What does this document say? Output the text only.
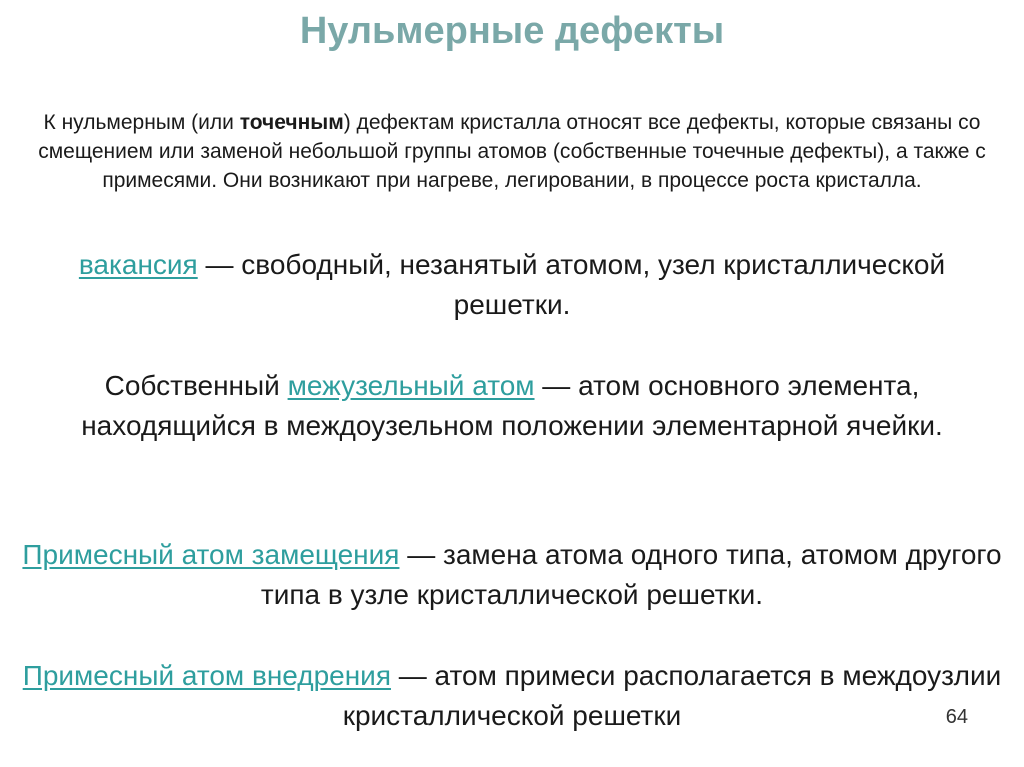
Нульмерные дефекты
К нульмерным (или точечным) дефектам кристалла относят все дефекты, которые связаны со смещением или заменой небольшой группы атомов (собственные точечные дефекты), а также с примесями. Они возникают при нагреве, легировании, в процессе роста кристалла.
вакансия — свободный, незанятый атомом, узел кристаллической решетки.
Собственный межузельный атом — атом основного элемента, находящийся в междоузельном положении элементарной ячейки.
Примесный атом замещения — замена атома одного типа, атомом другого типа в узле кристаллической решетки.
Примесный атом внедрения — атом примеси располагается в междоузлии кристаллической решетки	64
